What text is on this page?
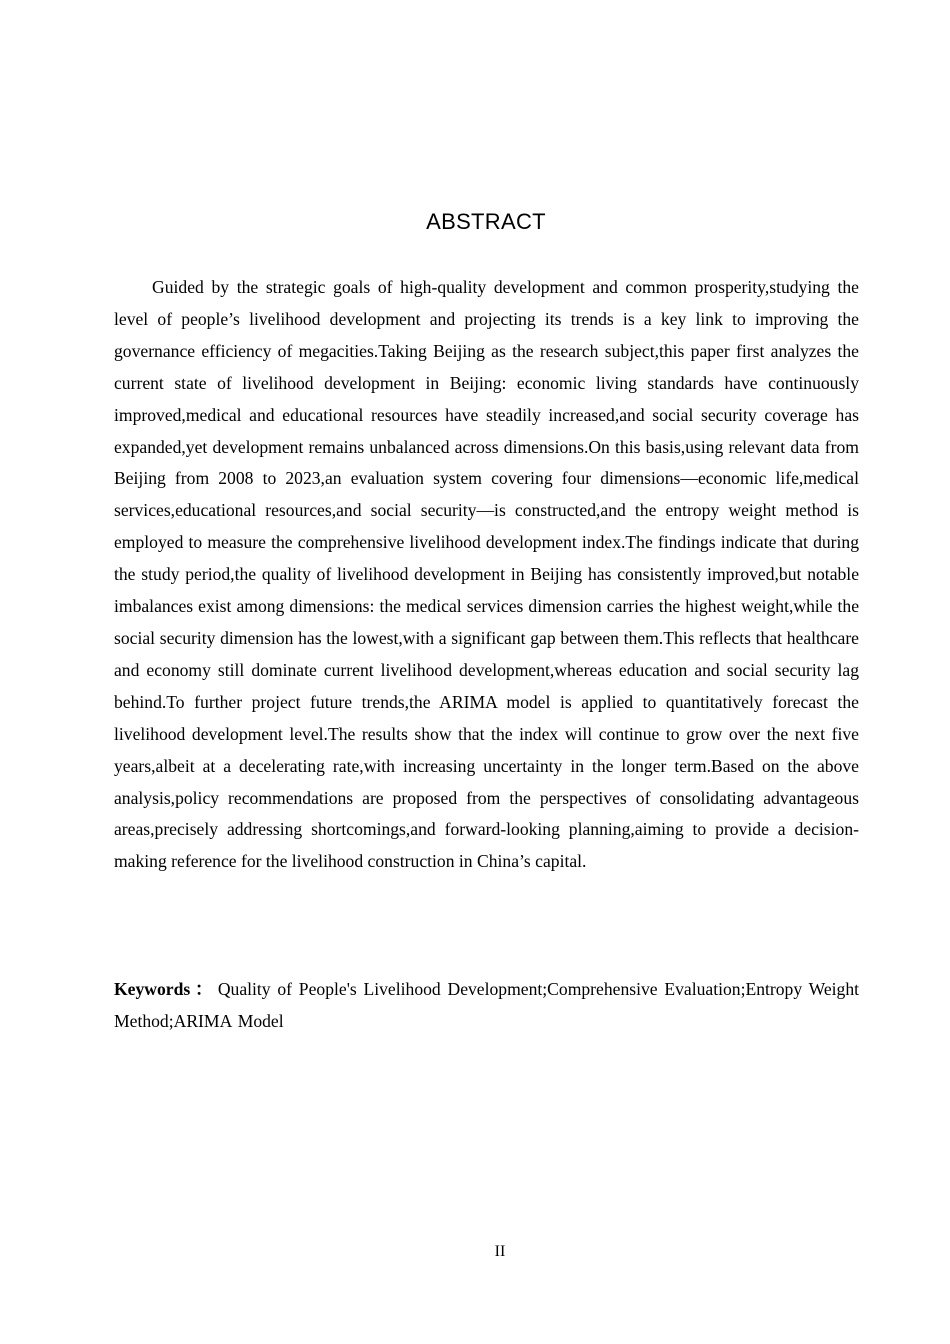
ABSTRACT

Guided by the strategic goals of high-quality development and common prosperity,studying the level of people’s livelihood development and projecting its trends is a key link to improving the governance efficiency of megacities.Taking Beijing as the research subject,this paper first analyzes the current state of livelihood development in Beijing: economic living standards have continuously improved,medical and educational resources have steadily increased,and social security coverage has expanded,yet development remains unbalanced across dimensions.On this basis,using relevant data from Beijing from 2008 to 2023,an evaluation system covering four dimensions—economic life,medical services,educational resources,and social security—is constructed,and the entropy weight method is employed to measure the comprehensive livelihood development index.The findings indicate that during the study period,the quality of livelihood development in Beijing has consistently improved,but notable imbalances exist among dimensions: the medical services dimension carries the highest weight,while the social security dimension has the lowest,with a significant gap between them.This reflects that healthcare and economy still dominate current livelihood development,whereas education and social security lag behind.To further project future trends,the ARIMA model is applied to quantitatively forecast the livelihood development level.The results show that the index will continue to grow over the next five years,albeit at a decelerating rate,with increasing uncertainty in the longer term.Based on the above analysis,policy recommendations are proposed from the perspectives of consolidating advantageous areas,precisely addressing shortcomings,and forward-looking planning,aiming to provide a decision-making reference for the livelihood construction in China’s capital.

Keywords ： Quality of People's Livelihood Development;Comprehensive Evaluation;Entropy Weight Method;ARIMA Model

II
